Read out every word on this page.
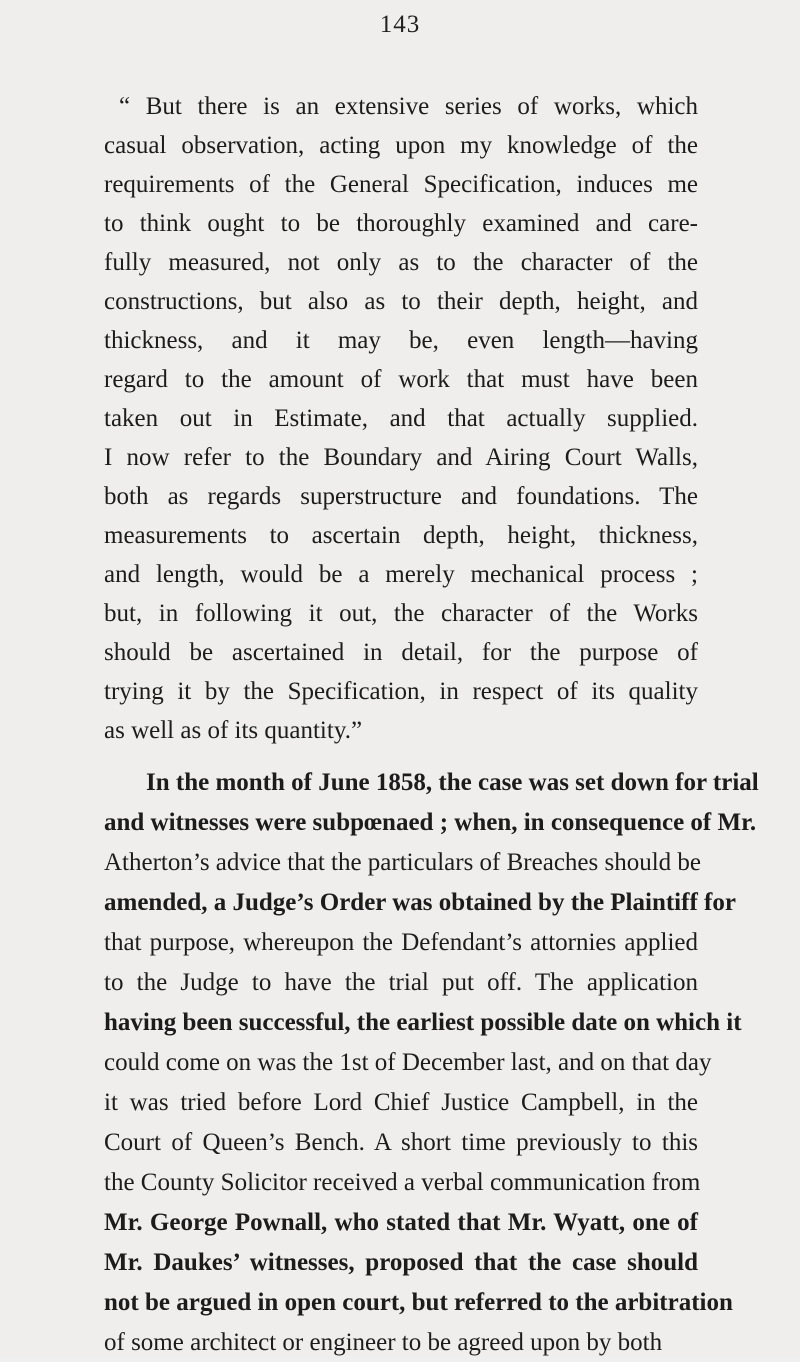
143
“ But there is an extensive series of works, which
casual observation, acting upon my knowledge of the
requirements of the General Specification, induces me
to think ought to be thoroughly examined and care-
fully measured, not only as to the character of the
constructions, but also as to their depth, height, and
thickness, and it may be, even length—having
regard to the amount of work that must have been
taken out in Estimate, and that actually supplied.
I now refer to the Boundary and Airing Court Walls,
both as regards superstructure and foundations. The
measurements to ascertain depth, height, thickness,
and length, would be a merely mechanical process ;
but, in following it out, the character of the Works
should be ascertained in detail, for the purpose of
trying it by the Specification, in respect of its quality
as well as of its quantity.”
In the month of June 1858, the case was set down for trial
and witnesses were subpœnaed ; when, in consequence of Mr.
Atherton’s advice that the particulars of Breaches should be
amended, a Judge’s Order was obtained by the Plaintiff for
that purpose, whereupon the Defendant’s attornies applied
to the Judge to have the trial put off. The application
having been successful, the earliest possible date on which it
could come on was the 1st of December last, and on that day
it was tried before Lord Chief Justice Campbell, in the
Court of Queen’s Bench. A short time previously to this
the County Solicitor received a verbal communication from
Mr. George Pownall, who stated that Mr. Wyatt, one of
Mr. Daukes’ witnesses, proposed that the case should
not be argued in open court, but referred to the arbitration
of some architect or engineer to be agreed upon by both
